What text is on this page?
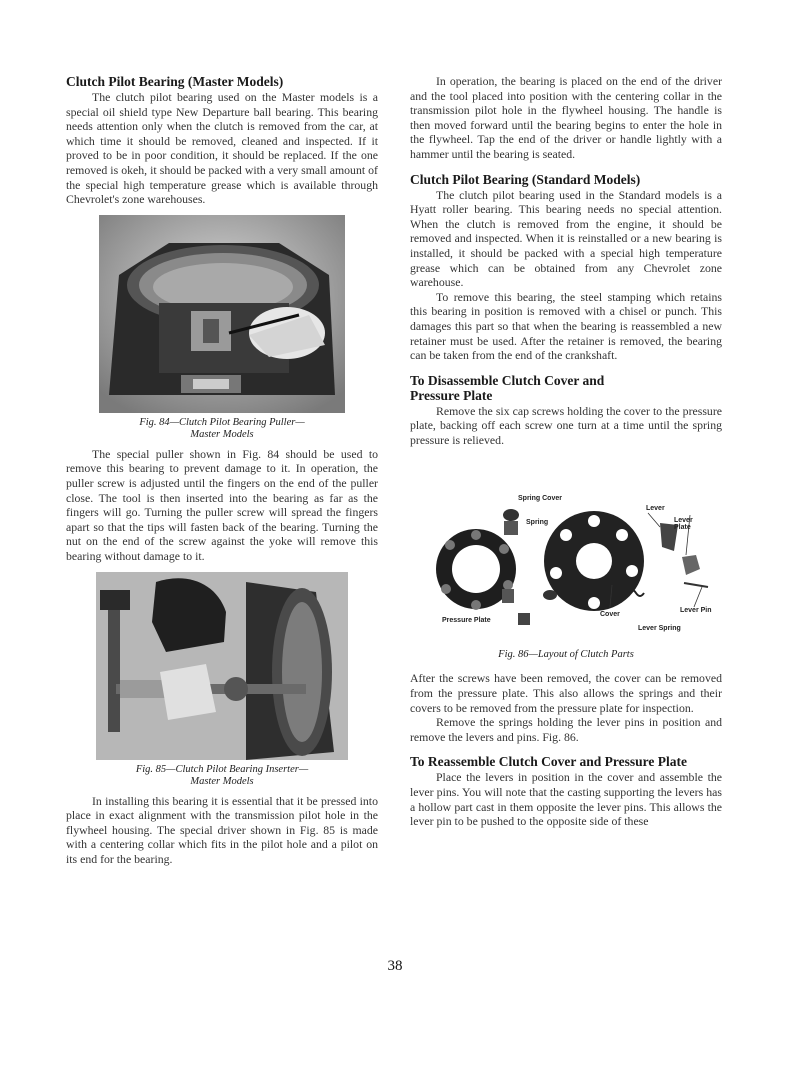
Clutch Pilot Bearing (Master Models)

The clutch pilot bearing used on the Master models is a special oil shield type New Departure ball bearing. This bearing needs attention only when the clutch is removed from the car, at which time it should be removed, cleaned and inspected. If it proved to be in poor condition, it should be replaced. If the one removed is okeh, it should be packed with a very small amount of the special high temperature grease which is available through Chevrolet's zone warehouses.

Fig. 84—Clutch Pilot Bearing Puller—
Master Models

The special puller shown in Fig. 84 should be used to remove this bearing to prevent damage to it. In operation, the puller screw is adjusted until the fingers on the end of the puller close. The tool is then inserted into the bearing as far as the fingers will go. Turning the puller screw will spread the fingers apart so that the tips will fasten back of the bearing. Turning the nut on the end of the screw against the yoke will remove this bearing without damage to it.

Fig. 85—Clutch Pilot Bearing Inserter—
Master Models

In installing this bearing it is essential that it be pressed into place in exact alignment with the transmission pilot hole in the flywheel housing. The special driver shown in Fig. 85 is made with a centering collar which fits in the pilot hole and a pilot on its end for the bearing.

In operation, the bearing is placed on the end of the driver and the tool placed into position with the centering collar in the transmission pilot hole in the flywheel housing. The handle is then moved forward until the bearing begins to enter the hole in the flywheel. Tap the end of the driver or handle lightly with a hammer until the bearing is seated.

Clutch Pilot Bearing (Standard Models)

The clutch pilot bearing used in the Standard models is a Hyatt roller bearing. This bearing needs no special attention. When the clutch is removed from the engine, it should be removed and inspected. When it is reinstalled or a new bearing is installed, it should be packed with a special high temperature grease which can be obtained from any Chevrolet zone warehouse.

To remove this bearing, the steel stamping which retains this bearing in position is removed with a chisel or punch. This damages this part so that when the bearing is reassembled a new retainer must be used. After the retainer is removed, the bearing can be taken from the end of the crankshaft.

To Disassemble Clutch Cover and
Pressure Plate

Remove the six cap screws holding the cover to the pressure plate, backing off each screw one turn at a time until the spring pressure is relieved.

Spring Cover
Spring
Lever
Lever Plate
Lever Pin
Lever Spring
Cover
Pressure Plate
Fig. 86—Layout of Clutch Parts

After the screws have been removed, the cover can be removed from the pressure plate. This also allows the springs and their covers to be removed from the pressure plate for inspection.

Remove the springs holding the lever pins in position and remove the levers and pins. Fig. 86.

To Reassemble Clutch Cover and Pressure Plate

Place the levers in position in the cover and assemble the lever pins. You will note that the casting supporting the levers has a hollow part cast in them opposite the lever pins. This allows the lever pin to be pushed to the opposite side of these

38
